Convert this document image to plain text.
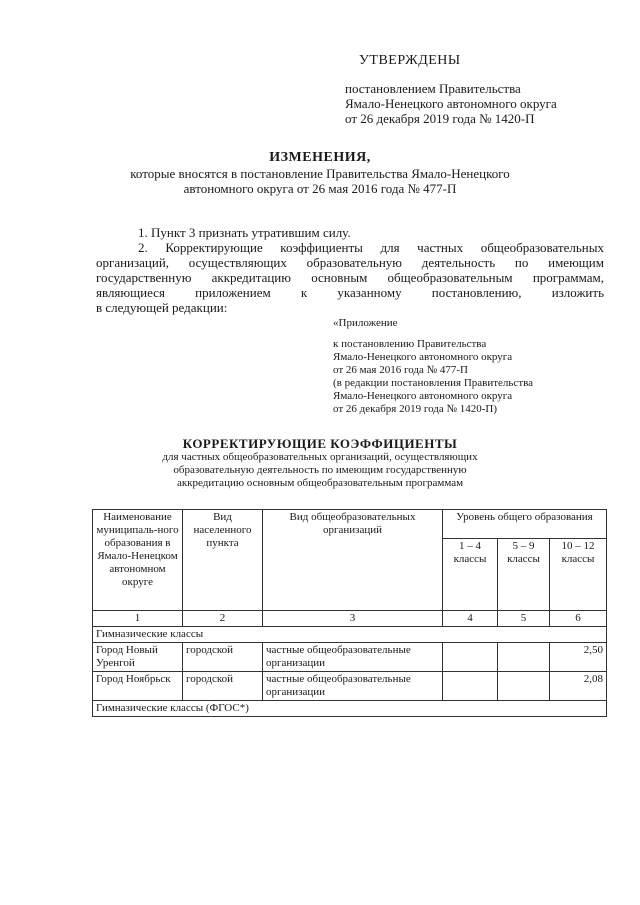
УТВЕРЖДЕНЫ
постановлением Правительства
Ямало-Ненецкого автономного округа
от 26 декабря 2019 года № 1420-П
ИЗМЕНЕНИЯ,
которые вносятся в постановление Правительства Ямало-Ненецкого
автономного округа от 26 мая 2016 года № 477-П
1. Пункт 3 признать утратившим силу.
2. Корректирующие коэффициенты для частных общеобразовательных
организаций, осуществляющих образовательную деятельность по имеющим
государственную аккредитацию основным общеобразовательным программам,
являющиеся приложением к указанному постановлению, изложить
в следующей редакции:
«Приложение
к постановлению Правительства
Ямало-Ненецкого автономного округа
от 26 мая 2016 года № 477-П
(в редакции постановления Правительства
Ямало-Ненецкого автономного округа
от 26 декабря 2019 года № 1420-П)
КОРРЕКТИРУЮЩИЕ КОЭФФИЦИЕНТЫ
для частных общеобразовательных организаций, осуществляющих
образовательную деятельность по имеющим государственную
аккредитацию основным общеобразовательным программам
Наименование муниципаль-ного образования в Ямало-Ненецком автономном округе	Вид населенного пункта	Вид общеобразовательных организаций	Уровень общего образования		
			1 – 4 классы	5 – 9 классы	10 – 12 классы
1	2	3	4	5	6
Гимназические классы					
Город Новый Уренгой	городской	частные общеобразовательные организации			2,50
Город Ноябрьск	городской	частные общеобразовательные организации			2,08
Гимназические классы (ФГОС*)					
